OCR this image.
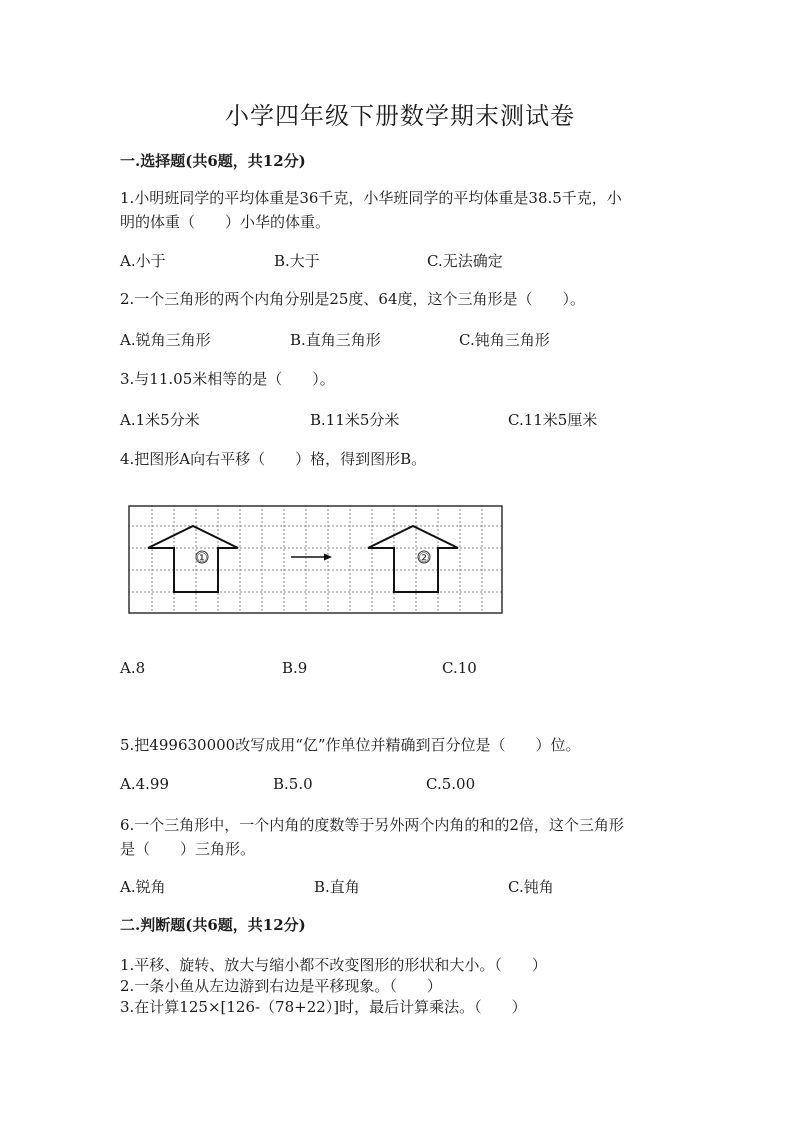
小学四年级下册数学期末测试卷
一.选择题(共6题，共12分)
1.小明班同学的平均体重是36千克，小华班同学的平均体重是38.5千克，小
明的体重（　　）小华的体重。
A.小于	B.大于	C.无法确定
2.一个三角形的两个内角分别是25度、64度，这个三角形是（　　）。
A.锐角三角形	B.直角三角形	C.钝角三角形
3.与11.05米相等的是（　　）。
A.1米5分米	B.11米5分米	C.11米5厘米
4.把图形A向右平移（　　）格，得到图形B。
①	②
A.8	B.9	C.10
5.把499630000改写成用“亿”作单位并精确到百分位是（　　）位。
A.4.99	B.5.0	C.5.00
6.一个三角形中，一个内角的度数等于另外两个内角的和的2倍，这个三角形
是（　　）三角形。
A.锐角	B.直角	C.钝角
二.判断题(共6题，共12分)
1.平移、旋转、放大与缩小都不改变图形的形状和大小。（　　）
2.一条小鱼从左边游到右边是平移现象。（　　）
3.在计算125×[126-（78+22）]时，最后计算乘法。（　　）
